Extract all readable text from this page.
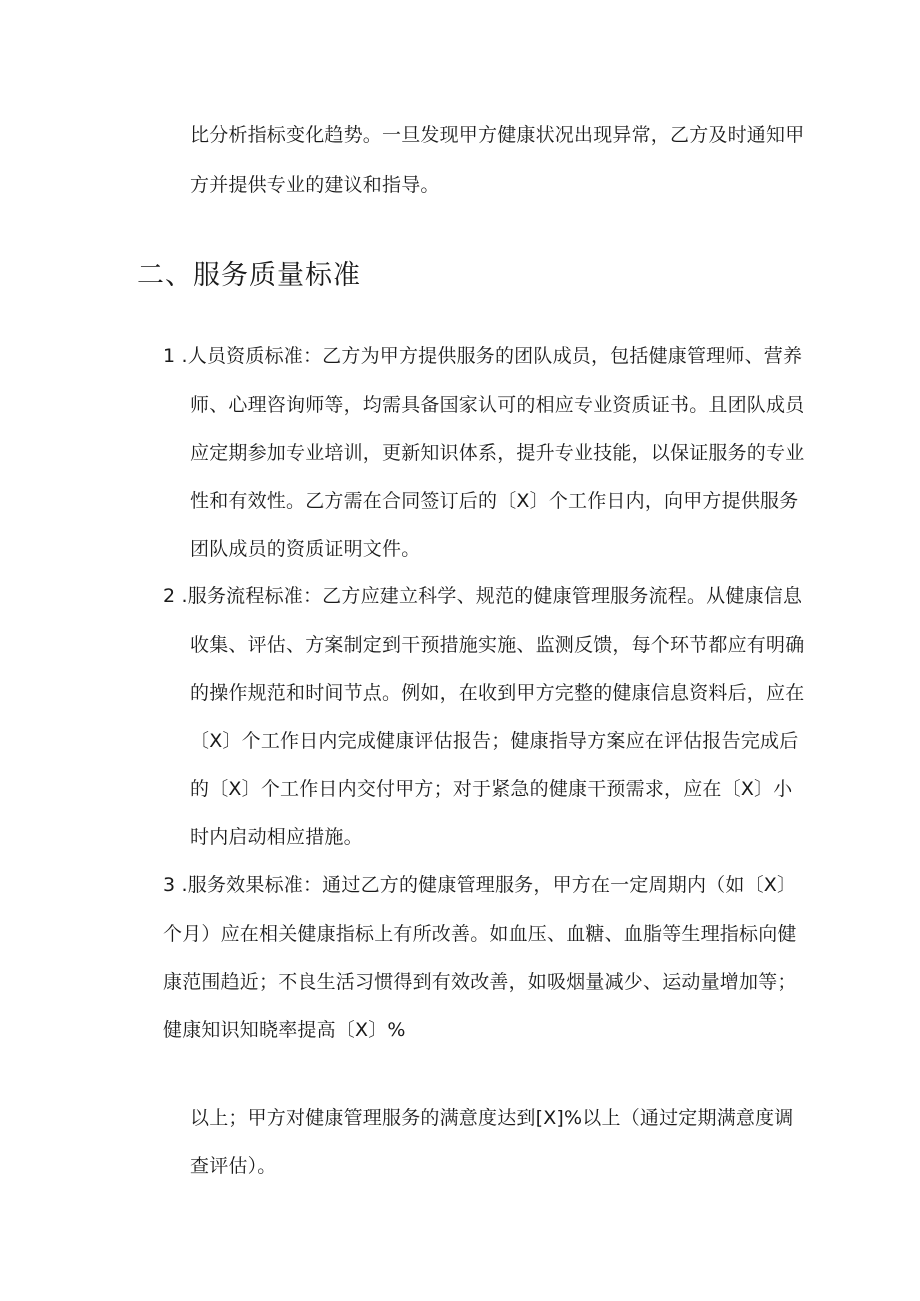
比分析指标变化趋势。一旦发现甲方健康状况出现异常，乙方及时通知甲
方并提供专业的建议和指导。
二、服务质量标准
1 .人员资质标准：乙方为甲方提供服务的团队成员，包括健康管理师、营养
师、心理咨询师等，均需具备国家认可的相应专业资质证书。且团队成员
应定期参加专业培训，更新知识体系，提升专业技能，以保证服务的专业
性和有效性。乙方需在合同签订后的〔X〕个工作日内，向甲方提供服务
团队成员的资质证明文件。
2 .服务流程标准：乙方应建立科学、规范的健康管理服务流程。从健康信息
收集、评估、方案制定到干预措施实施、监测反馈，每个环节都应有明确
的操作规范和时间节点。例如，在收到甲方完整的健康信息资料后，应在
〔X〕个工作日内完成健康评估报告；健康指导方案应在评估报告完成后
的〔X〕个工作日内交付甲方；对于紧急的健康干预需求，应在〔X〕小
时内启动相应措施。
3 .服务效果标准：通过乙方的健康管理服务，甲方在一定周期内（如〔X〕
个月）应在相关健康指标上有所改善。如血压、血糖、血脂等生理指标向健
康范围趋近；不良生活习惯得到有效改善，如吸烟量减少、运动量增加等；
健康知识知晓率提高〔X〕%
以上；甲方对健康管理服务的满意度达到[X]%以上（通过定期满意度调
查评估）。
